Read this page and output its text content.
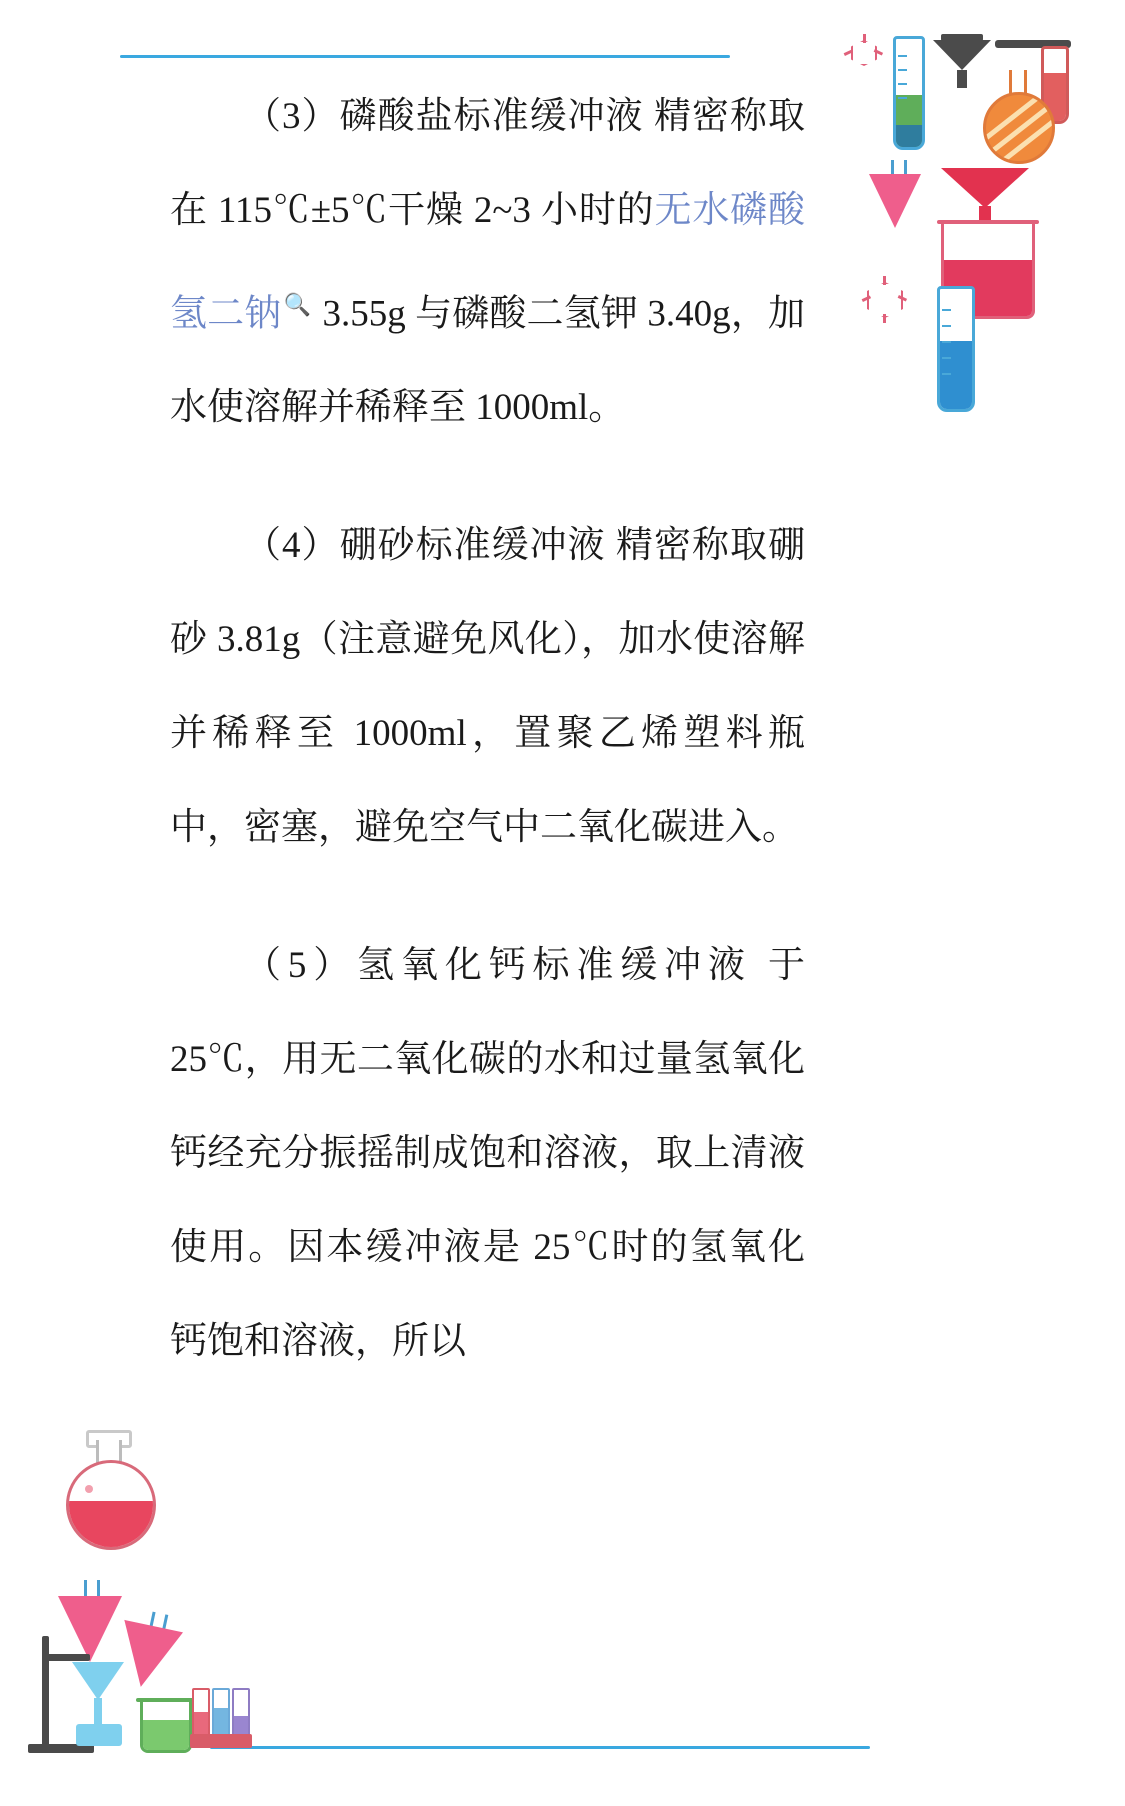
（3）磷酸盐标准缓冲液 精密称取在 115℃±5℃干燥 2~3 小时的无水磷酸氢二钠🔍 3.55g 与磷酸二氢钾 3.40g，加水使溶解并稀释至 1000ml。

（4）硼砂标准缓冲液 精密称取硼砂 3.81g（注意避免风化），加水使溶解并稀释至 1000ml，置聚乙烯塑料瓶中，密塞，避免空气中二氧化碳进入。

（5）氢氧化钙标准缓冲液 于 25℃，用无二氧化碳的水和过量氢氧化钙经充分振摇制成饱和溶液，取上清液使用。因本缓冲液是 25℃时的氢氧化钙饱和溶液，所以
